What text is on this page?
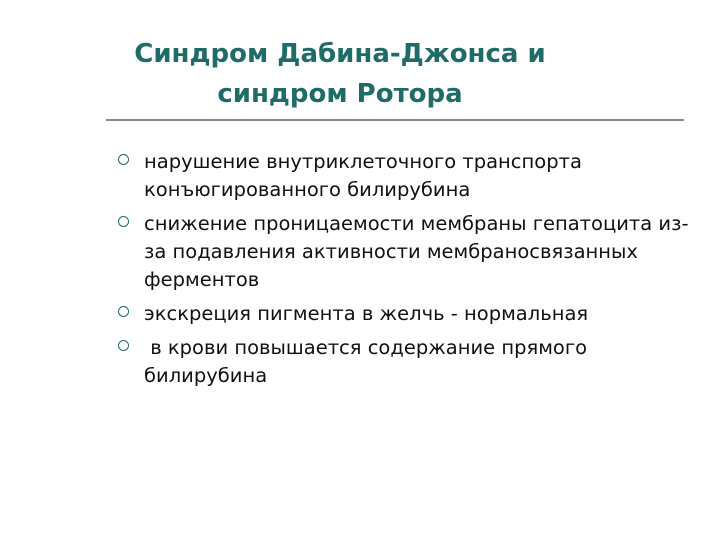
Синдром Дабина-Джонса и
синдром Ротора
нарушение внутриклеточного транспорта конъюгированного билирубина
снижение проницаемости мембраны гепатоцита из-за подавления активности мембраносвязанных ферментов
экскреция пигмента в желчь - нормальная
в крови повышается содержание прямого билирубина
